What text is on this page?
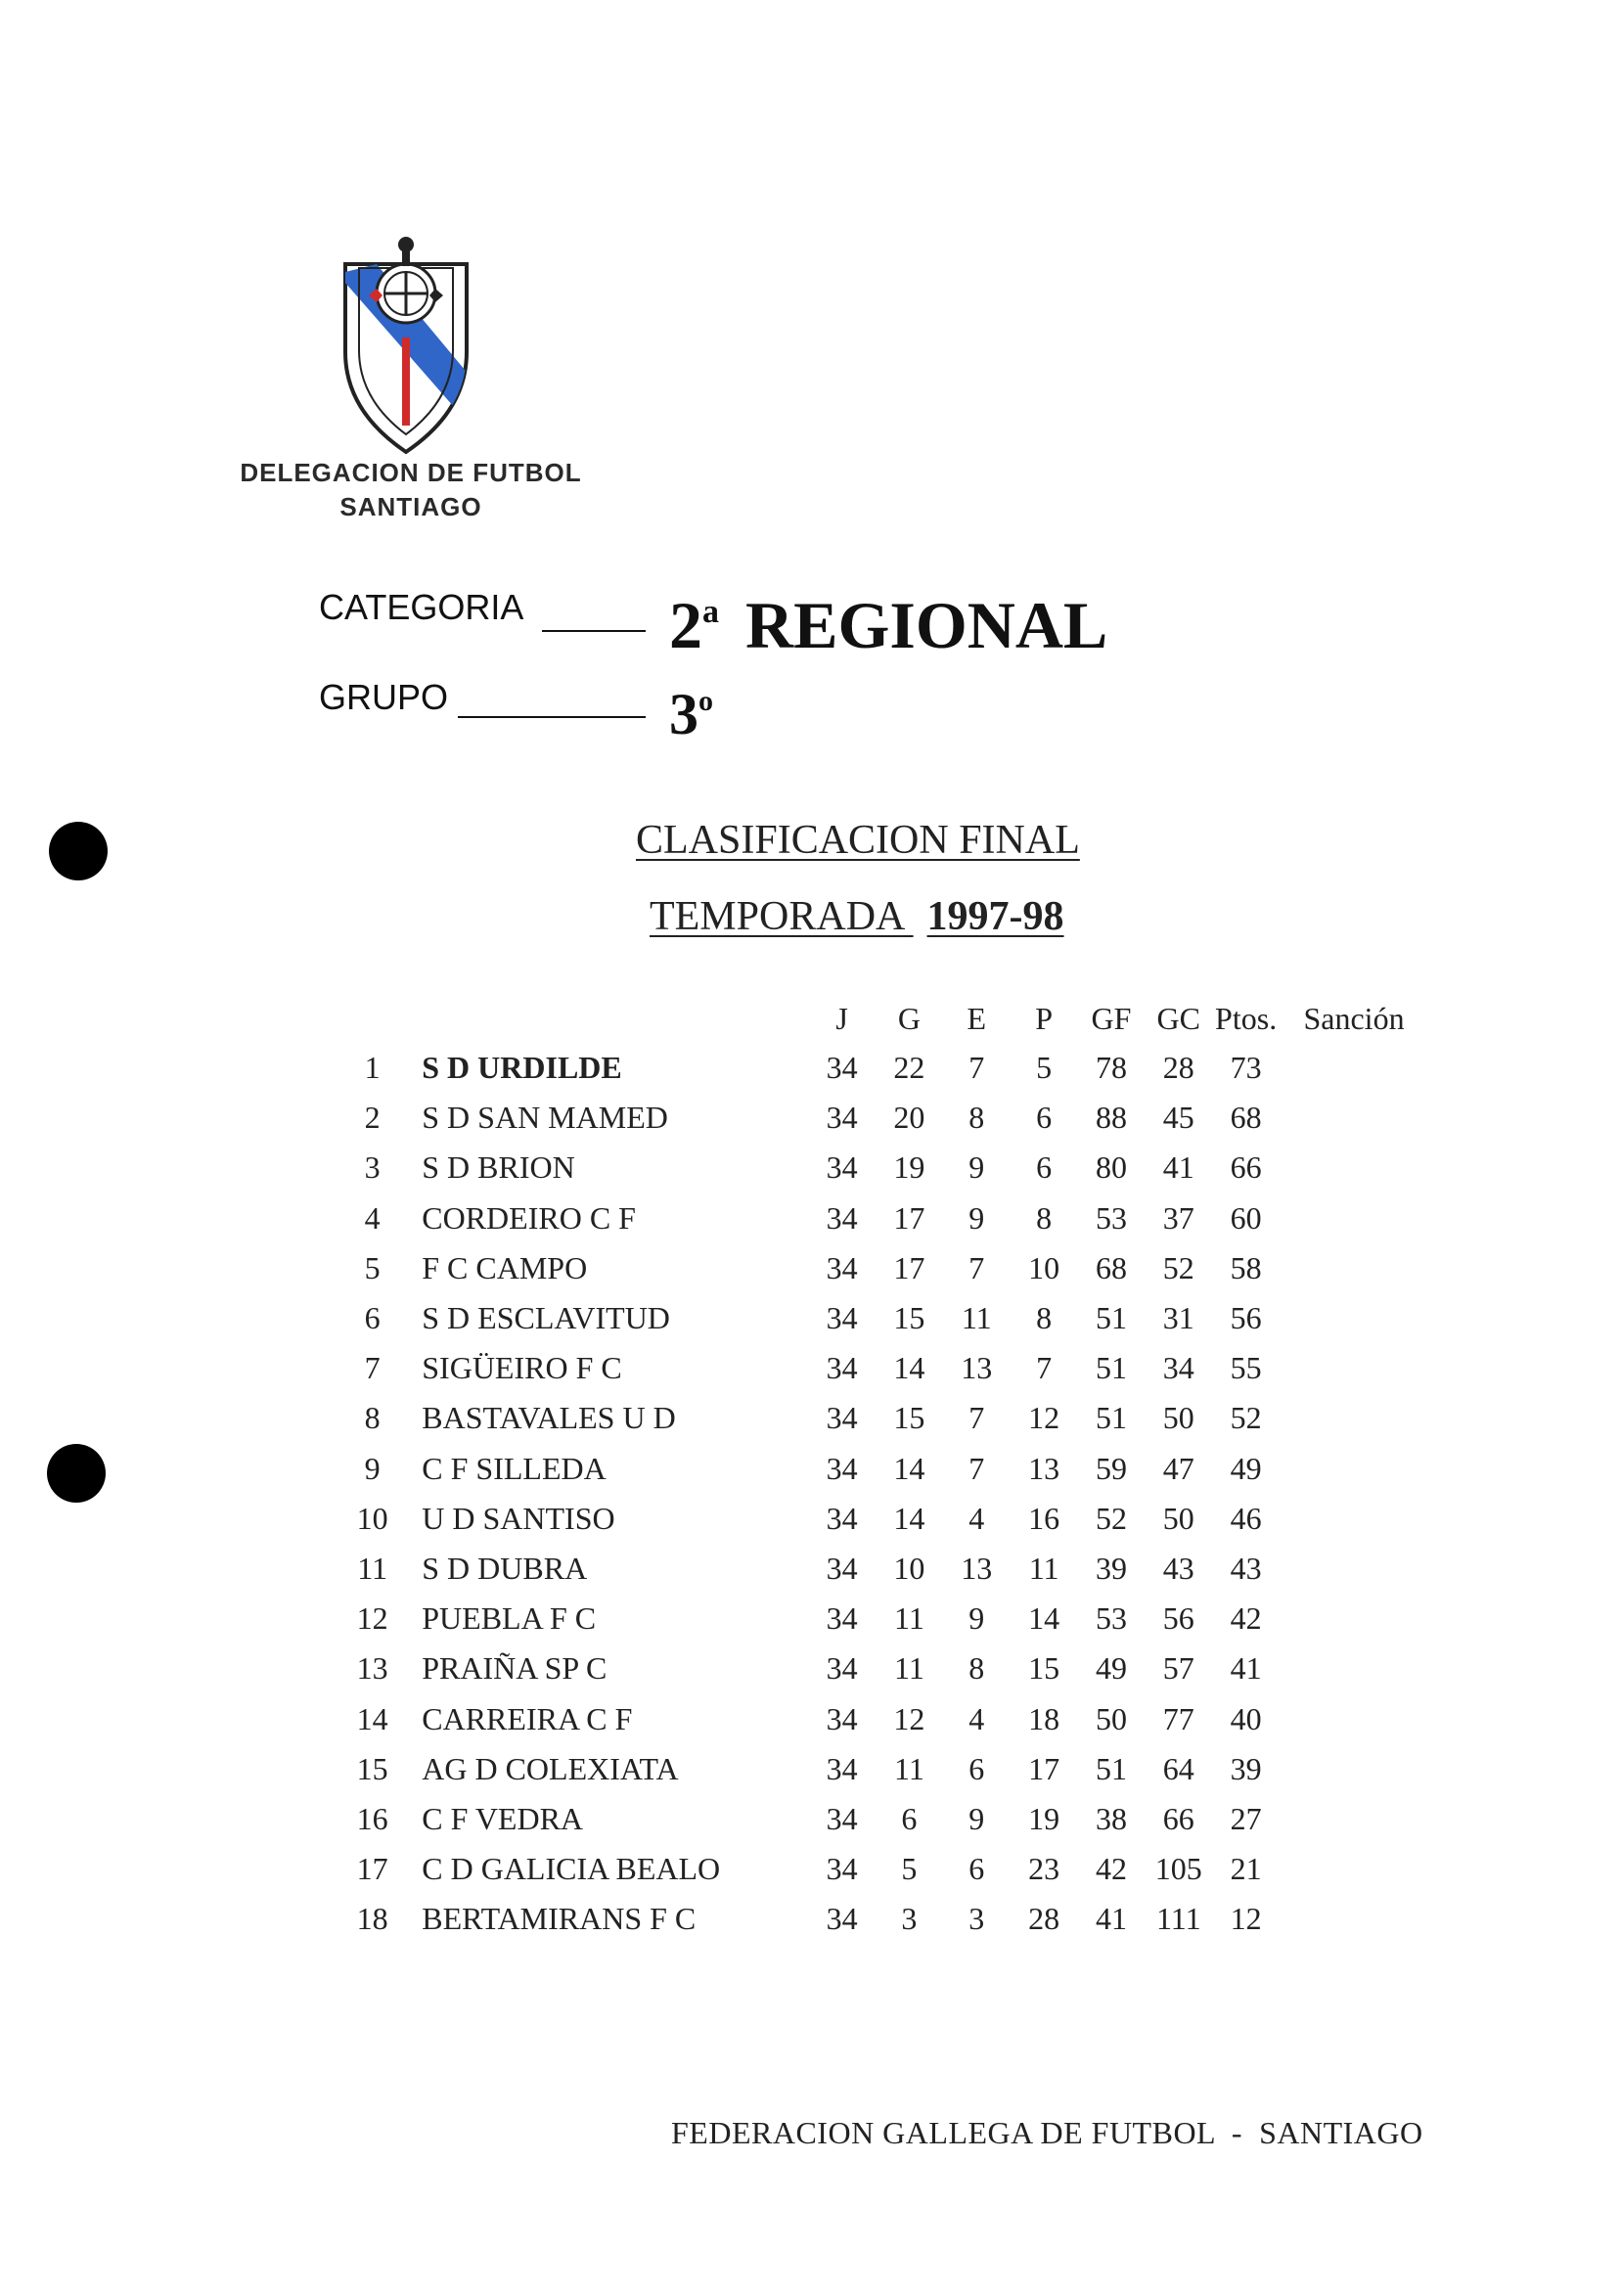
DELEGACION DE FUTBOL
SANTIAGO
CATEGORIA 2$^a$ REGIONAL
GRUPO	3$^o$
CLASIFICACION FINAL
TEMPORADA 1997-98
		J	G	E	P	GF	GC	Ptos.	Sanción
1	S D URDILDE	34	22	7	5	78	28	73	
2	S D SAN MAMED	34	20	8	6	88	45	68	
3	S D BRION	34	19	9	6	80	41	66	
4	CORDEIRO C F	34	17	9	8	53	37	60	
5	F C CAMPO	34	17	7	10	68	52	58	
6	S D ESCLAVITUD	34	15	11	8	51	31	56	
7	SIGÜEIRO F C	34	14	13	7	51	34	55	
8	BASTAVALES U D	34	15	7	12	51	50	52	
9	C F SILLEDA	34	14	7	13	59	47	49	
10	U D SANTISO	34	14	4	16	52	50	46	
11	S D DUBRA	34	10	13	11	39	43	43	
12	PUEBLA F C	34	11	9	14	53	56	42	
13	PRAIÑA SP C	34	11	8	15	49	57	41	
14	CARREIRA C F	34	12	4	18	50	77	40	
15	AG D COLEXIATA	34	11	6	17	51	64	39	
16	C F VEDRA	34	6	9	19	38	66	27	
17	C D GALICIA BEALO	34	5	6	23	42	105	21	
18	BERTAMIRANS F C	34	3	3	28	41	111	12	
FEDERACION GALLEGA DE FUTBOL  -  SANTIAGO
